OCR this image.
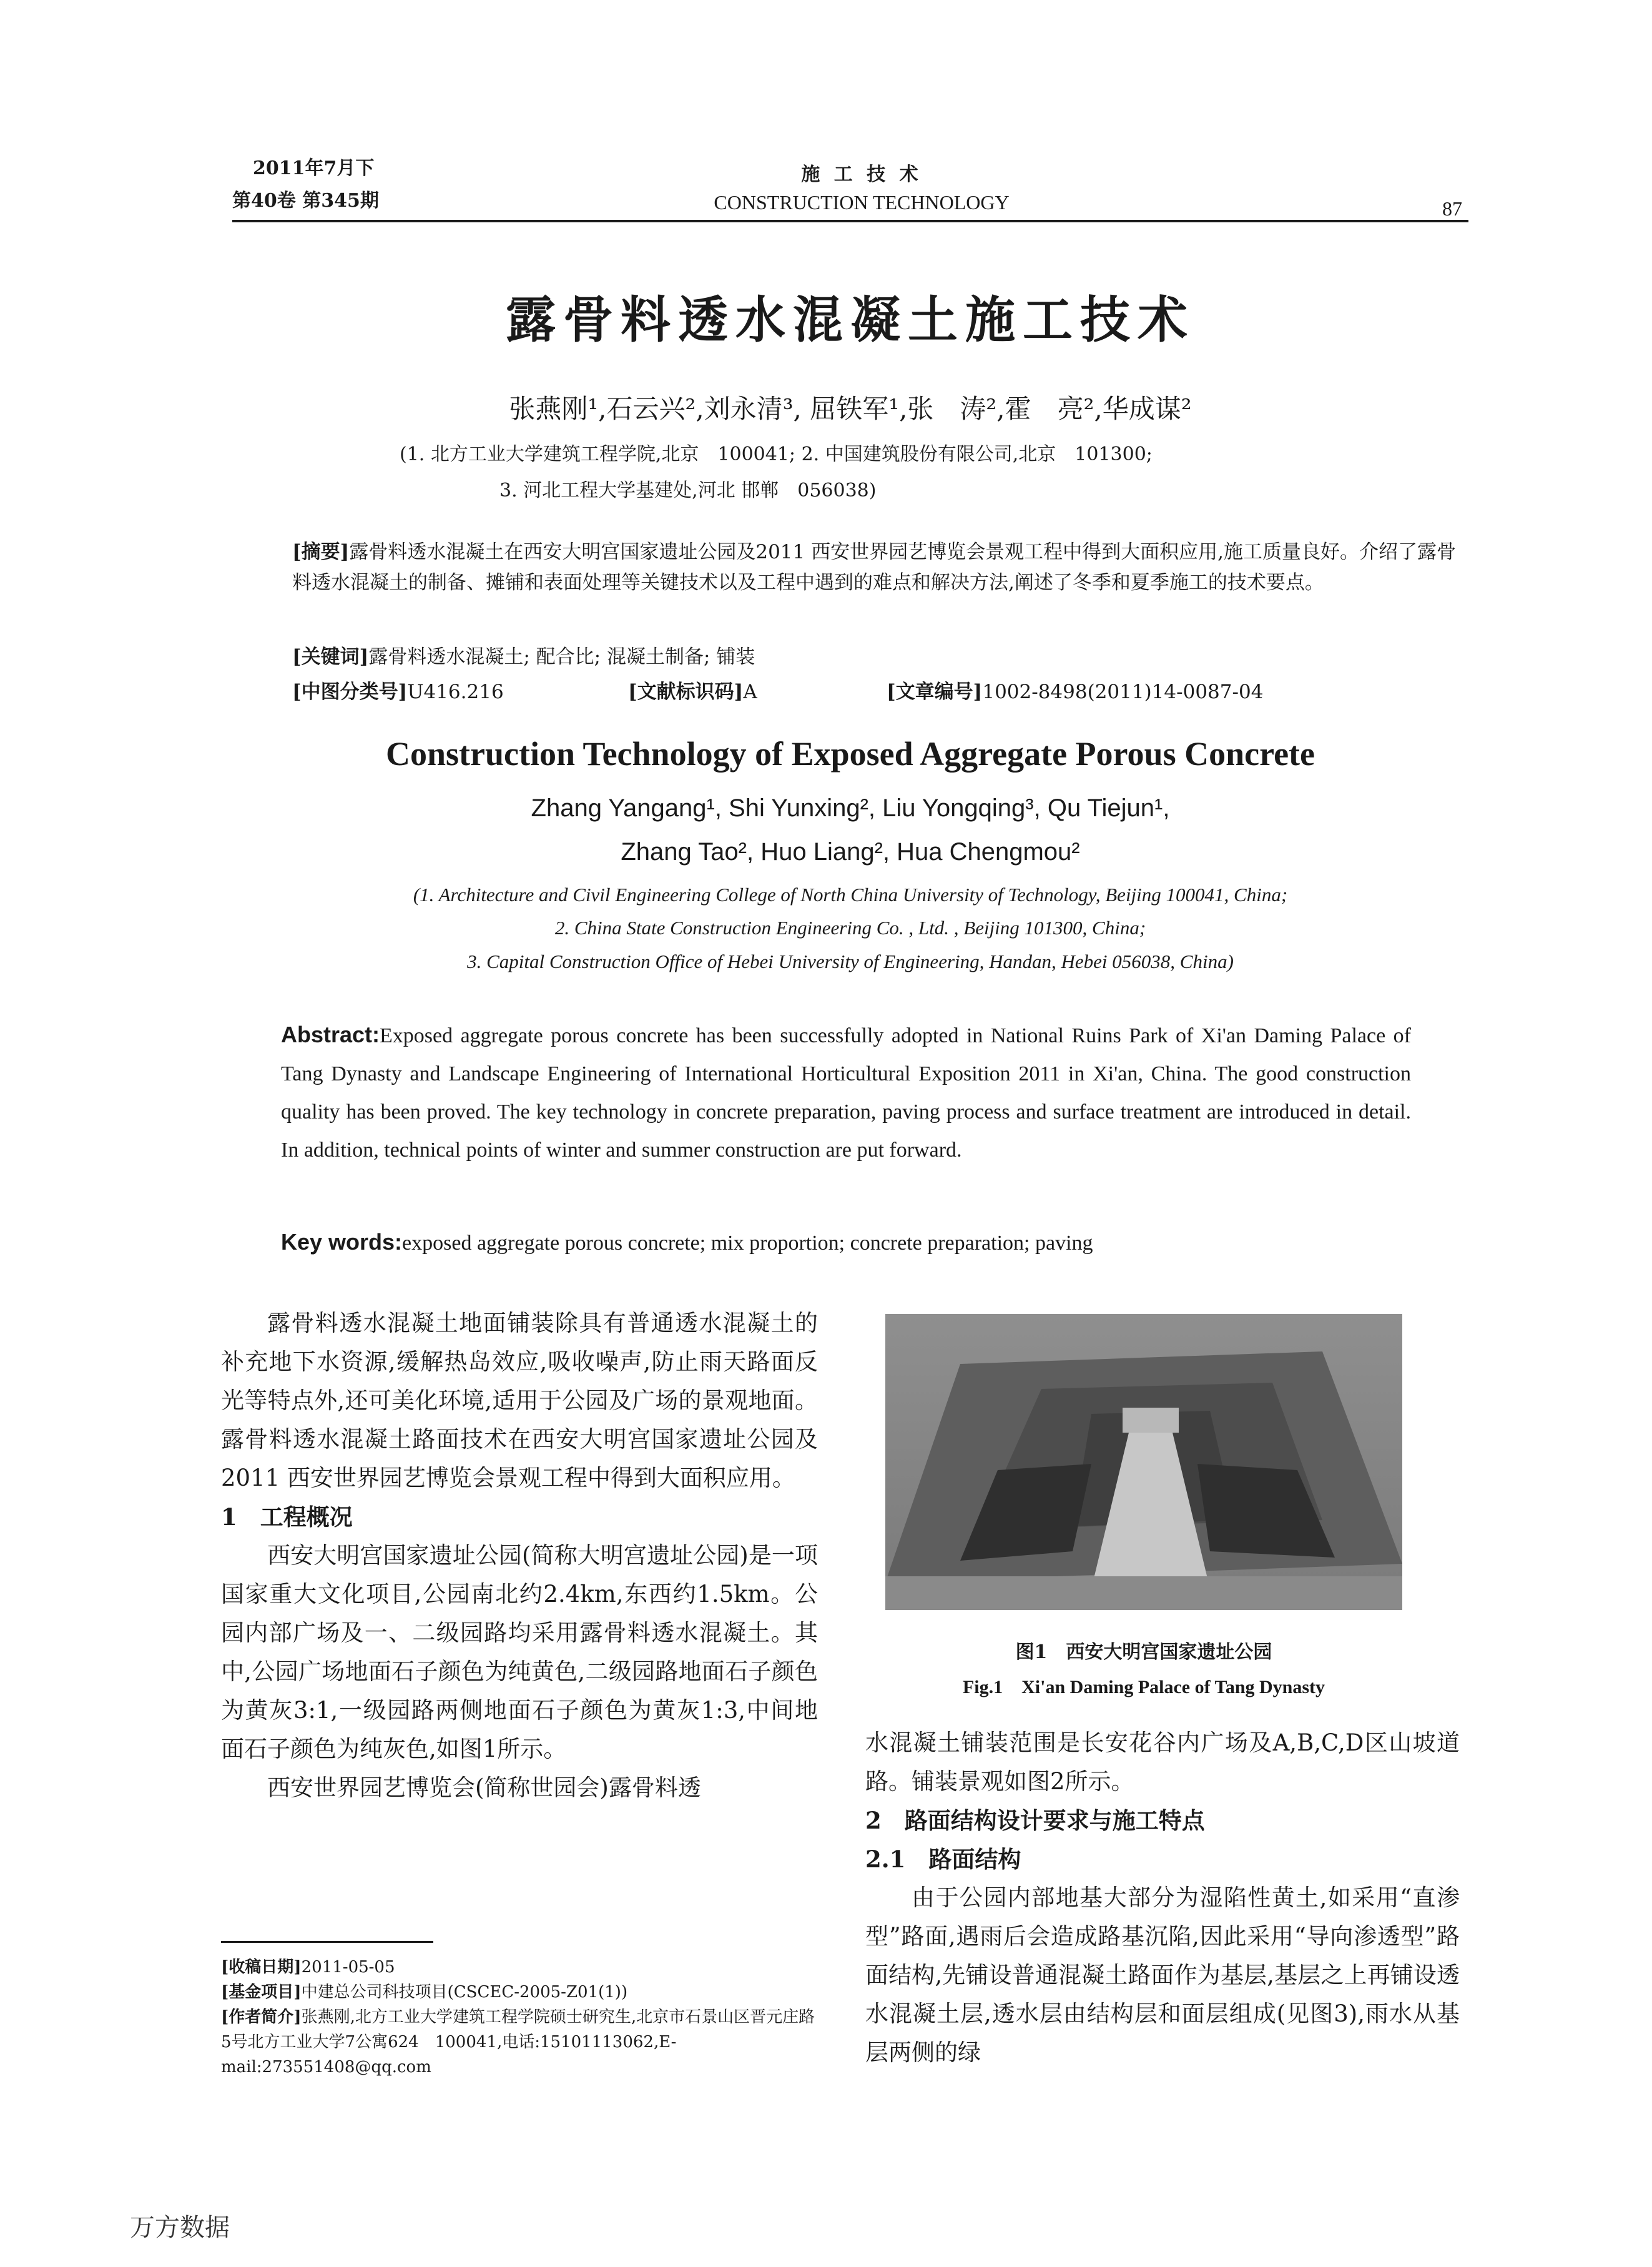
2011年7月下
第40卷 第345期
施 工 技 术
CONSTRUCTION TECHNOLOGY	87
露骨料透水混凝土施工技术
张燕刚¹,石云兴²,刘永清³, 屈铁军¹,张　涛²,霍　亮²,华成谋²
(1. 北方工业大学建筑工程学院,北京　100041; 2. 中国建筑股份有限公司,北京　101300;
3. 河北工程大学基建处,河北 邯郸　056038)
[摘要]露骨料透水混凝土在西安大明宫国家遗址公园及2011 西安世界园艺博览会景观工程中得到大面积应用,施工质量良好。介绍了露骨料透水混凝土的制备、摊铺和表面处理等关键技术以及工程中遇到的难点和解决方法,阐述了冬季和夏季施工的技术要点。
[关键词]露骨料透水混凝土; 配合比; 混凝土制备; 铺装
[中图分类号]U416.216	[文献标识码]A	[文章编号]1002-8498(2011)14-0087-04
Construction Technology of Exposed Aggregate Porous Concrete
Zhang Yangang¹, Shi Yunxing², Liu Yongqing³, Qu Tiejun¹,
Zhang Tao², Huo Liang², Hua Chengmou²
(1. Architecture and Civil Engineering College of North China University of Technology, Beijing 100041, China;
2. China State Construction Engineering Co. , Ltd. , Beijing 101300, China;
3. Capital Construction Office of Hebei University of Engineering, Handan, Hebei 056038, China)
Abstract:Exposed aggregate porous concrete has been successfully adopted in National Ruins Park of Xi'an Daming Palace of Tang Dynasty and Landscape Engineering of International Horticultural Exposition 2011 in Xi'an, China. The good construction quality has been proved. The key technology in concrete preparation, paving process and surface treatment are introduced in detail. In addition, technical points of winter and summer construction are put forward.
Key words:exposed aggregate porous concrete; mix proportion; concrete preparation; paving

露骨料透水混凝土地面铺装除具有普通透水混凝土的补充地下水资源,缓解热岛效应,吸收噪声,防止雨天路面反光等特点外,还可美化环境,适用于公园及广场的景观地面。露骨料透水混凝土路面技术在西安大明宫国家遗址公园及2011 西安世界园艺博览会景观工程中得到大面积应用。

1　工程概况

西安大明宫国家遗址公园(简称大明宫遗址公园)是一项国家重大文化项目,公园南北约2.4km,东西约1.5km。公园内部广场及一、二级园路均采用露骨料透水混凝土。其中,公园广场地面石子颜色为纯黄色,二级园路地面石子颜色为黄灰3:1,一级园路两侧地面石子颜色为黄灰1:3,中间地面石子颜色为纯灰色,如图1所示。

西安世界园艺博览会(简称世园会)露骨料透

[收稿日期]2011-05-05
[基金项目]中建总公司科技项目(CSCEC-2005-Z01(1))
[作者简介]张燕刚,北方工业大学建筑工程学院硕士研究生,北京市石景山区晋元庄路5号北方工业大学7公寓624　100041,电话:15101113062,E-mail:273551408@qq.com
图1　西安大明宫国家遗址公园
Fig.1　Xi'an Daming Palace of Tang Dynasty

水混凝土铺装范围是长安花谷内广场及A,B,C,D区山坡道路。铺装景观如图2所示。

2　路面结构设计要求与施工特点

2.1　路面结构

由于公园内部地基大部分为湿陷性黄土,如采用“直渗型”路面,遇雨后会造成路基沉陷,因此采用“导向渗透型”路面结构,先铺设普通混凝土路面作为基层,基层之上再铺设透水混凝土层,透水层由结构层和面层组成(见图3),雨水从基层两侧的绿

万方数据
